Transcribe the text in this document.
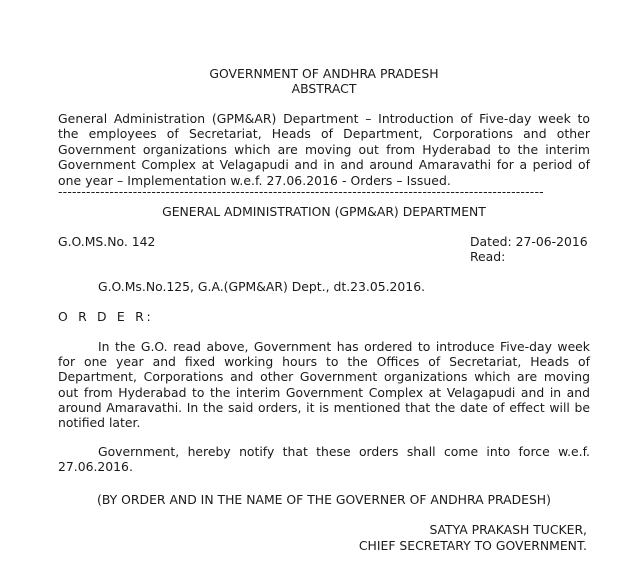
GOVERNMENT OF ANDHRA PRADESH
ABSTRACT
General Administration (GPM&AR) Department – Introduction of Five-day week to the employees of Secretariat, Heads of Department, Corporations and other Government organizations which are moving out from Hyderabad to the interim Government Complex at Velagapudi and in and around Amaravathi for a period of one year – Implementation w.e.f. 27.06.2016 - Orders – Issued.
--------------------------------------------------------------------------------------------------------
GENERAL ADMINISTRATION (GPM&AR) DEPARTMENT
G.O.MS.No. 142	Dated: 27-06-2016
Read:
G.O.Ms.No.125, G.A.(GPM&AR) Dept., dt.23.05.2016.
O R D E R:
In the G.O. read above, Government has ordered to introduce Five-day week for one year and fixed working hours to the Offices of Secretariat, Heads of Department, Corporations and other Government organizations which are moving out from Hyderabad to the interim Government Complex at Velagapudi and in and around Amaravathi. In the said orders, it is mentioned that the date of effect will be notified later.
Government, hereby notify that these orders shall come into force w.e.f. 27.06.2016.
(BY ORDER AND IN THE NAME OF THE GOVERNER OF ANDHRA PRADESH)
SATYA PRAKASH TUCKER,
CHIEF SECRETARY TO GOVERNMENT.
